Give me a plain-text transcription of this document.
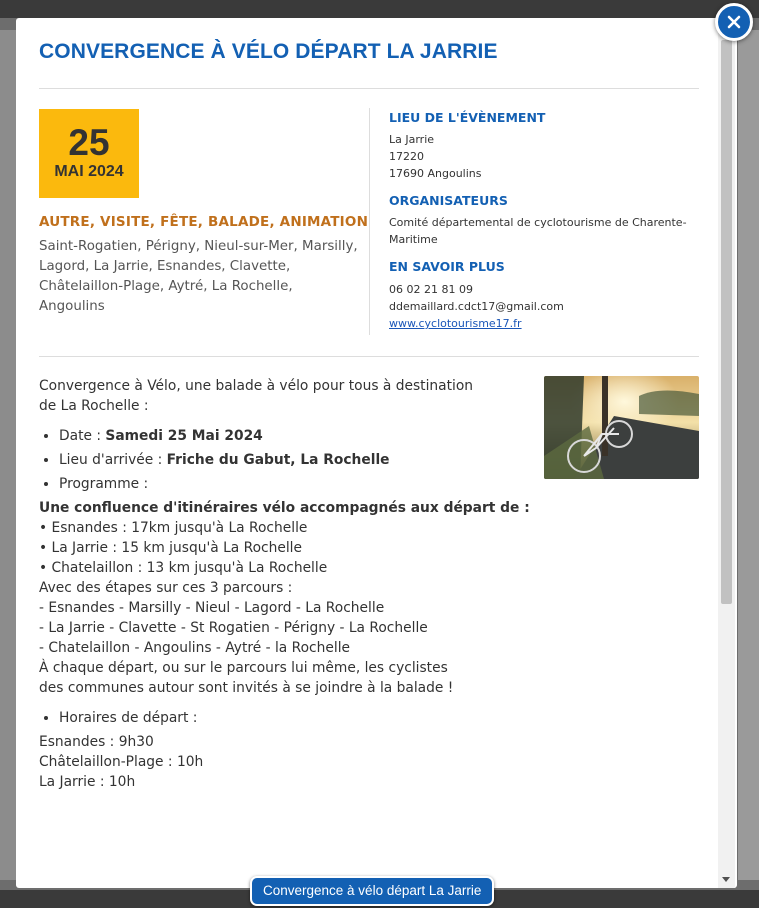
CONVERGENCE À VÉLO DÉPART LA JARRIE
25
MAI 2024
AUTRE, VISITE, FÊTE, BALADE, ANIMATION
Saint-Rogatien, Périgny, Nieul-sur-Mer, Marsilly, Lagord, La Jarrie, Esnandes, Clavette, Châtelaillon-Plage, Aytré, La Rochelle, Angoulins
LIEU DE L'ÉVÈNEMENT
La Jarrie
17220
17690 Angoulins
ORGANISATEURS
Comité départemental de cyclotourisme de Charente-Maritime
EN SAVOIR PLUS
06 02 21 81 09
ddemaillard.cdct17@gmail.com
www.cyclotourisme17.fr

Convergence à Vélo, une balade à vélo pour tous à destination de La Rochelle :

• Date : Samedi 25 Mai 2024
• Lieu d'arrivée : Friche du Gabut, La Rochelle
• Programme :

Une confluence d'itinéraires vélo accompagnés aux départ de :

• Esnandes : 17km jusqu'à La Rochelle

• La Jarrie : 15 km jusqu'à La Rochelle

• Chatelaillon : 13 km jusqu'à La Rochelle

Avec des étapes sur ces 3 parcours :

- Esnandes - Marsilly - Nieul - Lagord - La Rochelle

- La Jarrie - Clavette - St Rogatien - Périgny - La Rochelle

- Chatelaillon - Angoulins - Aytré - la Rochelle

À chaque départ, ou sur le parcours lui même, les cyclistes des communes autour sont invités à se joindre à la balade !

• Horaires de départ :

Esnandes : 9h30

Châtelaillon-Plage : 10h

La Jarrie : 10h

Convergence à vélo départ La Jarrie
